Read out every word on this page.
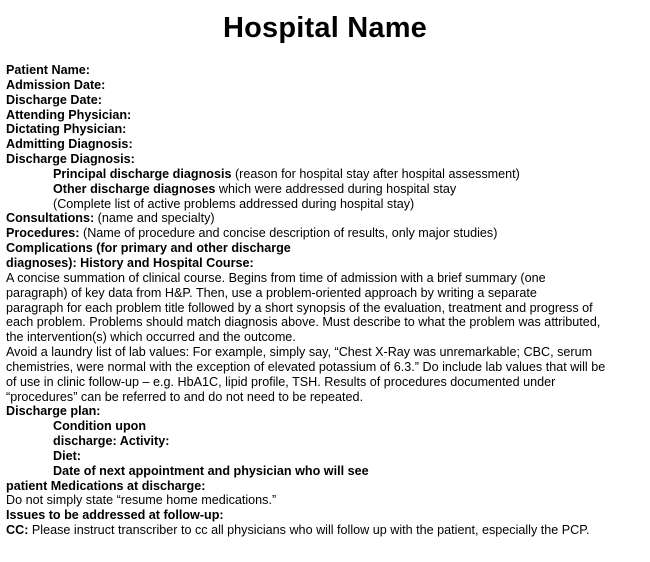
Hospital Name
Patient Name:
Admission Date:
Discharge Date:
Attending Physician:
Dictating Physician:
Admitting Diagnosis:
Discharge Diagnosis:
Principal discharge diagnosis (reason for hospital stay after hospital assessment)
Other discharge diagnoses which were addressed during hospital stay
(Complete list of active problems addressed during hospital stay)
Consultations: (name and specialty)
Procedures: (Name of procedure and concise description of results, only major studies)
Complications (for primary and other discharge
diagnoses): History and Hospital Course:
A concise summation of clinical course. Begins from time of admission with a brief summary (one
paragraph) of key data from H&P. Then, use a problem-oriented approach by writing a separate
paragraph for each problem title followed by a short synopsis of the evaluation, treatment and progress of
each problem. Problems should match diagnosis above. Must describe to what the problem was attributed,
the intervention(s) which occurred and the outcome.
Avoid a laundry list of lab values: For example, simply say, “Chest X-Ray was unremarkable; CBC, serum
chemistries, were normal with the exception of elevated potassium of 6.3.” Do include lab values that will be
of use in clinic follow-up – e.g. HbA1C, lipid profile, TSH. Results of procedures documented under
“procedures” can be referred to and do not need to be repeated.
Discharge plan:
Condition upon
discharge: Activity:
Diet:
Date of next appointment and physician who will see
patient Medications at discharge:
Do not simply state “resume home medications.”
Issues to be addressed at follow-up:
CC: Please instruct transcriber to cc all physicians who will follow up with the patient, especially the PCP.
